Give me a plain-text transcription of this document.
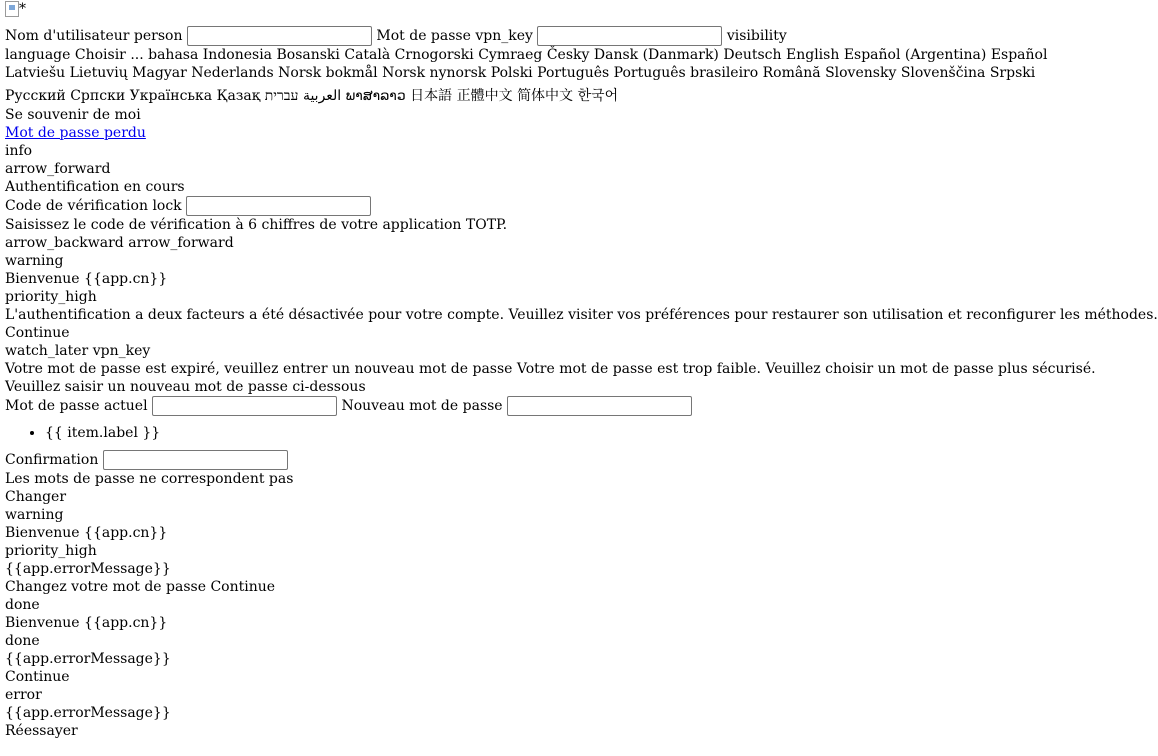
*
Nom d'utilisateur person	Mot de passe vpn_key	visibility
language Choisir ... bahasa Indonesia Bosanski Català Crnogorski Cymraeg Česky Dansk (Danmark) Deutsch English Español (Argentina) Español
Latviešu Lietuvių Magyar Nederlands Norsk bokmål Norsk nynorsk Polski Português Português brasileiro Română Slovensky Slovenščina Srpski
Русский Српски Українська Қазақ	العربية עברית	ພາສາລາວ 日本語 正體中文 简体中文 한국어
Se souvenir de moi
Mot de passe perdu
info
arrow_forward
Authentification en cours
Code de vérification lock
Saisissez le code de vérification à 6 chiffres de votre application TOTP.
arrow_backward arrow_forward
warning
Bienvenue {{app.cn}}
priority_high
L'authentification a deux facteurs a été désactivée pour votre compte. Veuillez visiter vos préférences pour restaurer son utilisation et reconfigurer les méthodes.
Continue
watch_later vpn_key
Votre mot de passe est expiré, veuillez entrer un nouveau mot de passe Votre mot de passe est trop faible. Veuillez choisir un mot de passe plus sécurisé.
Veuillez saisir un nouveau mot de passe ci-dessous
Mot de passe actuel	Nouveau mot de passe
• {{ item.label }}
Confirmation
Les mots de passe ne correspondent pas
Changer
warning
Bienvenue {{app.cn}}
priority_high
{{app.errorMessage}}
Changez votre mot de passe Continue
done
Bienvenue {{app.cn}}
done
{{app.errorMessage}}
Continue
error
{{app.errorMessage}}
Réessayer
